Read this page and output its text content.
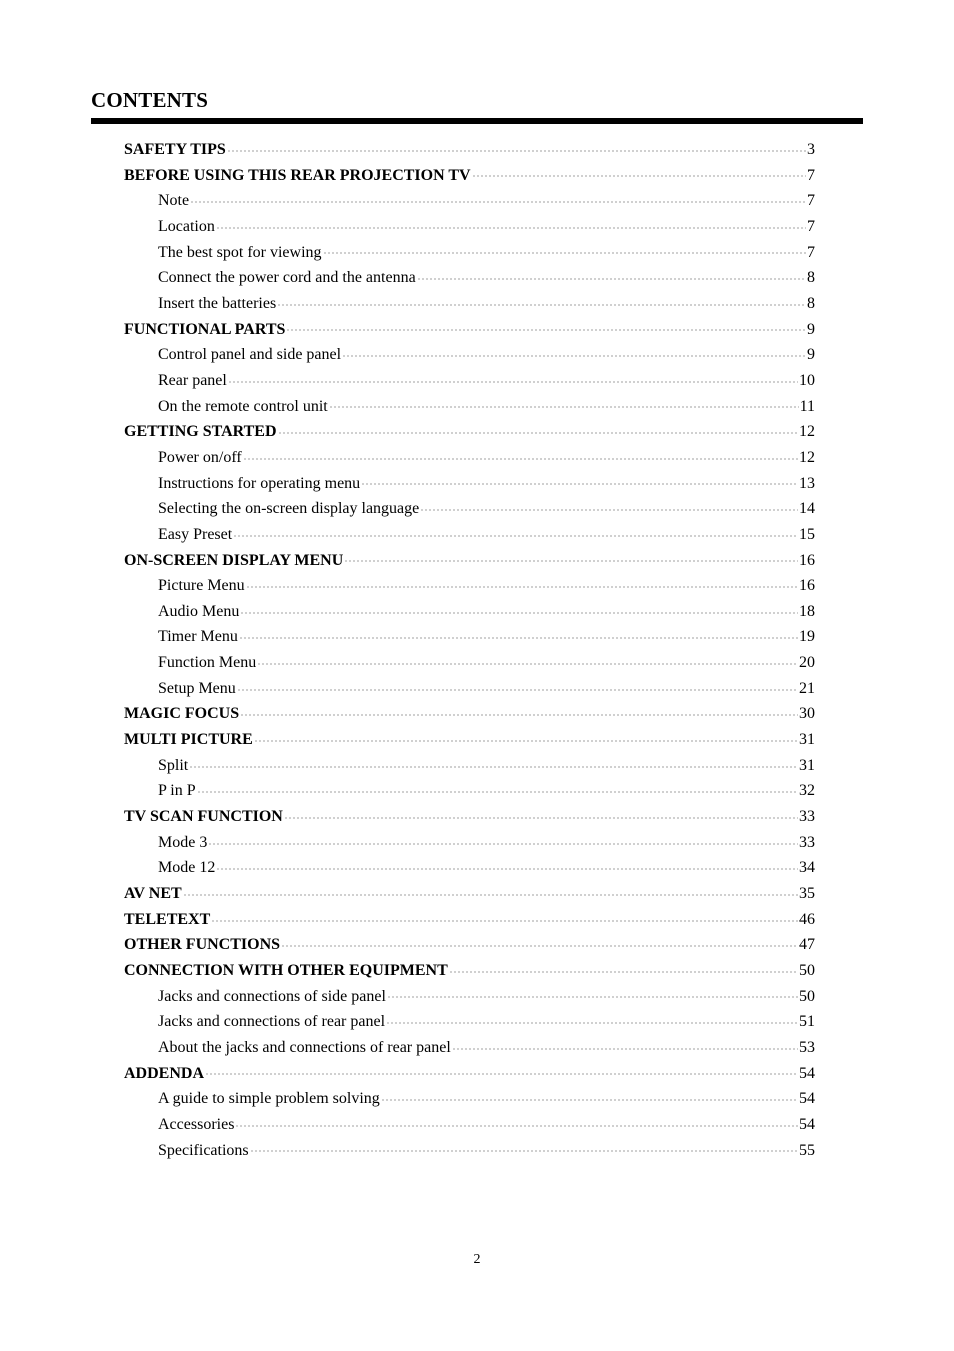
CONTENTS
SAFETY TIPS	3
BEFORE USING THIS REAR PROJECTION TV	7
Note	7
Location	7
The best spot for viewing	7
Connect the power cord and the antenna	8
Insert the batteries	8
FUNCTIONAL PARTS	9
Control panel and side panel	9
Rear panel	10
On the remote control unit	11
GETTING STARTED	12
Power on/off	12
Instructions for operating menu	13
Selecting the on-screen display language	14
Easy Preset	15
ON-SCREEN DISPLAY MENU	16
Picture Menu	16
Audio Menu	18
Timer Menu	19
Function Menu	20
Setup Menu	21
MAGIC FOCUS	30
MULTI PICTURE	31
Split	31
P in P	32
TV SCAN FUNCTION	33
Mode 3	33
Mode 12	34
AV NET	35
TELETEXT	46
OTHER FUNCTIONS	47
CONNECTION WITH OTHER EQUIPMENT	50
Jacks and connections of side panel	50
Jacks and connections of rear panel	51
About the jacks and connections of rear panel	53
ADDENDA	54
A guide to simple problem solving	54
Accessories	54
Specifications	55
2
